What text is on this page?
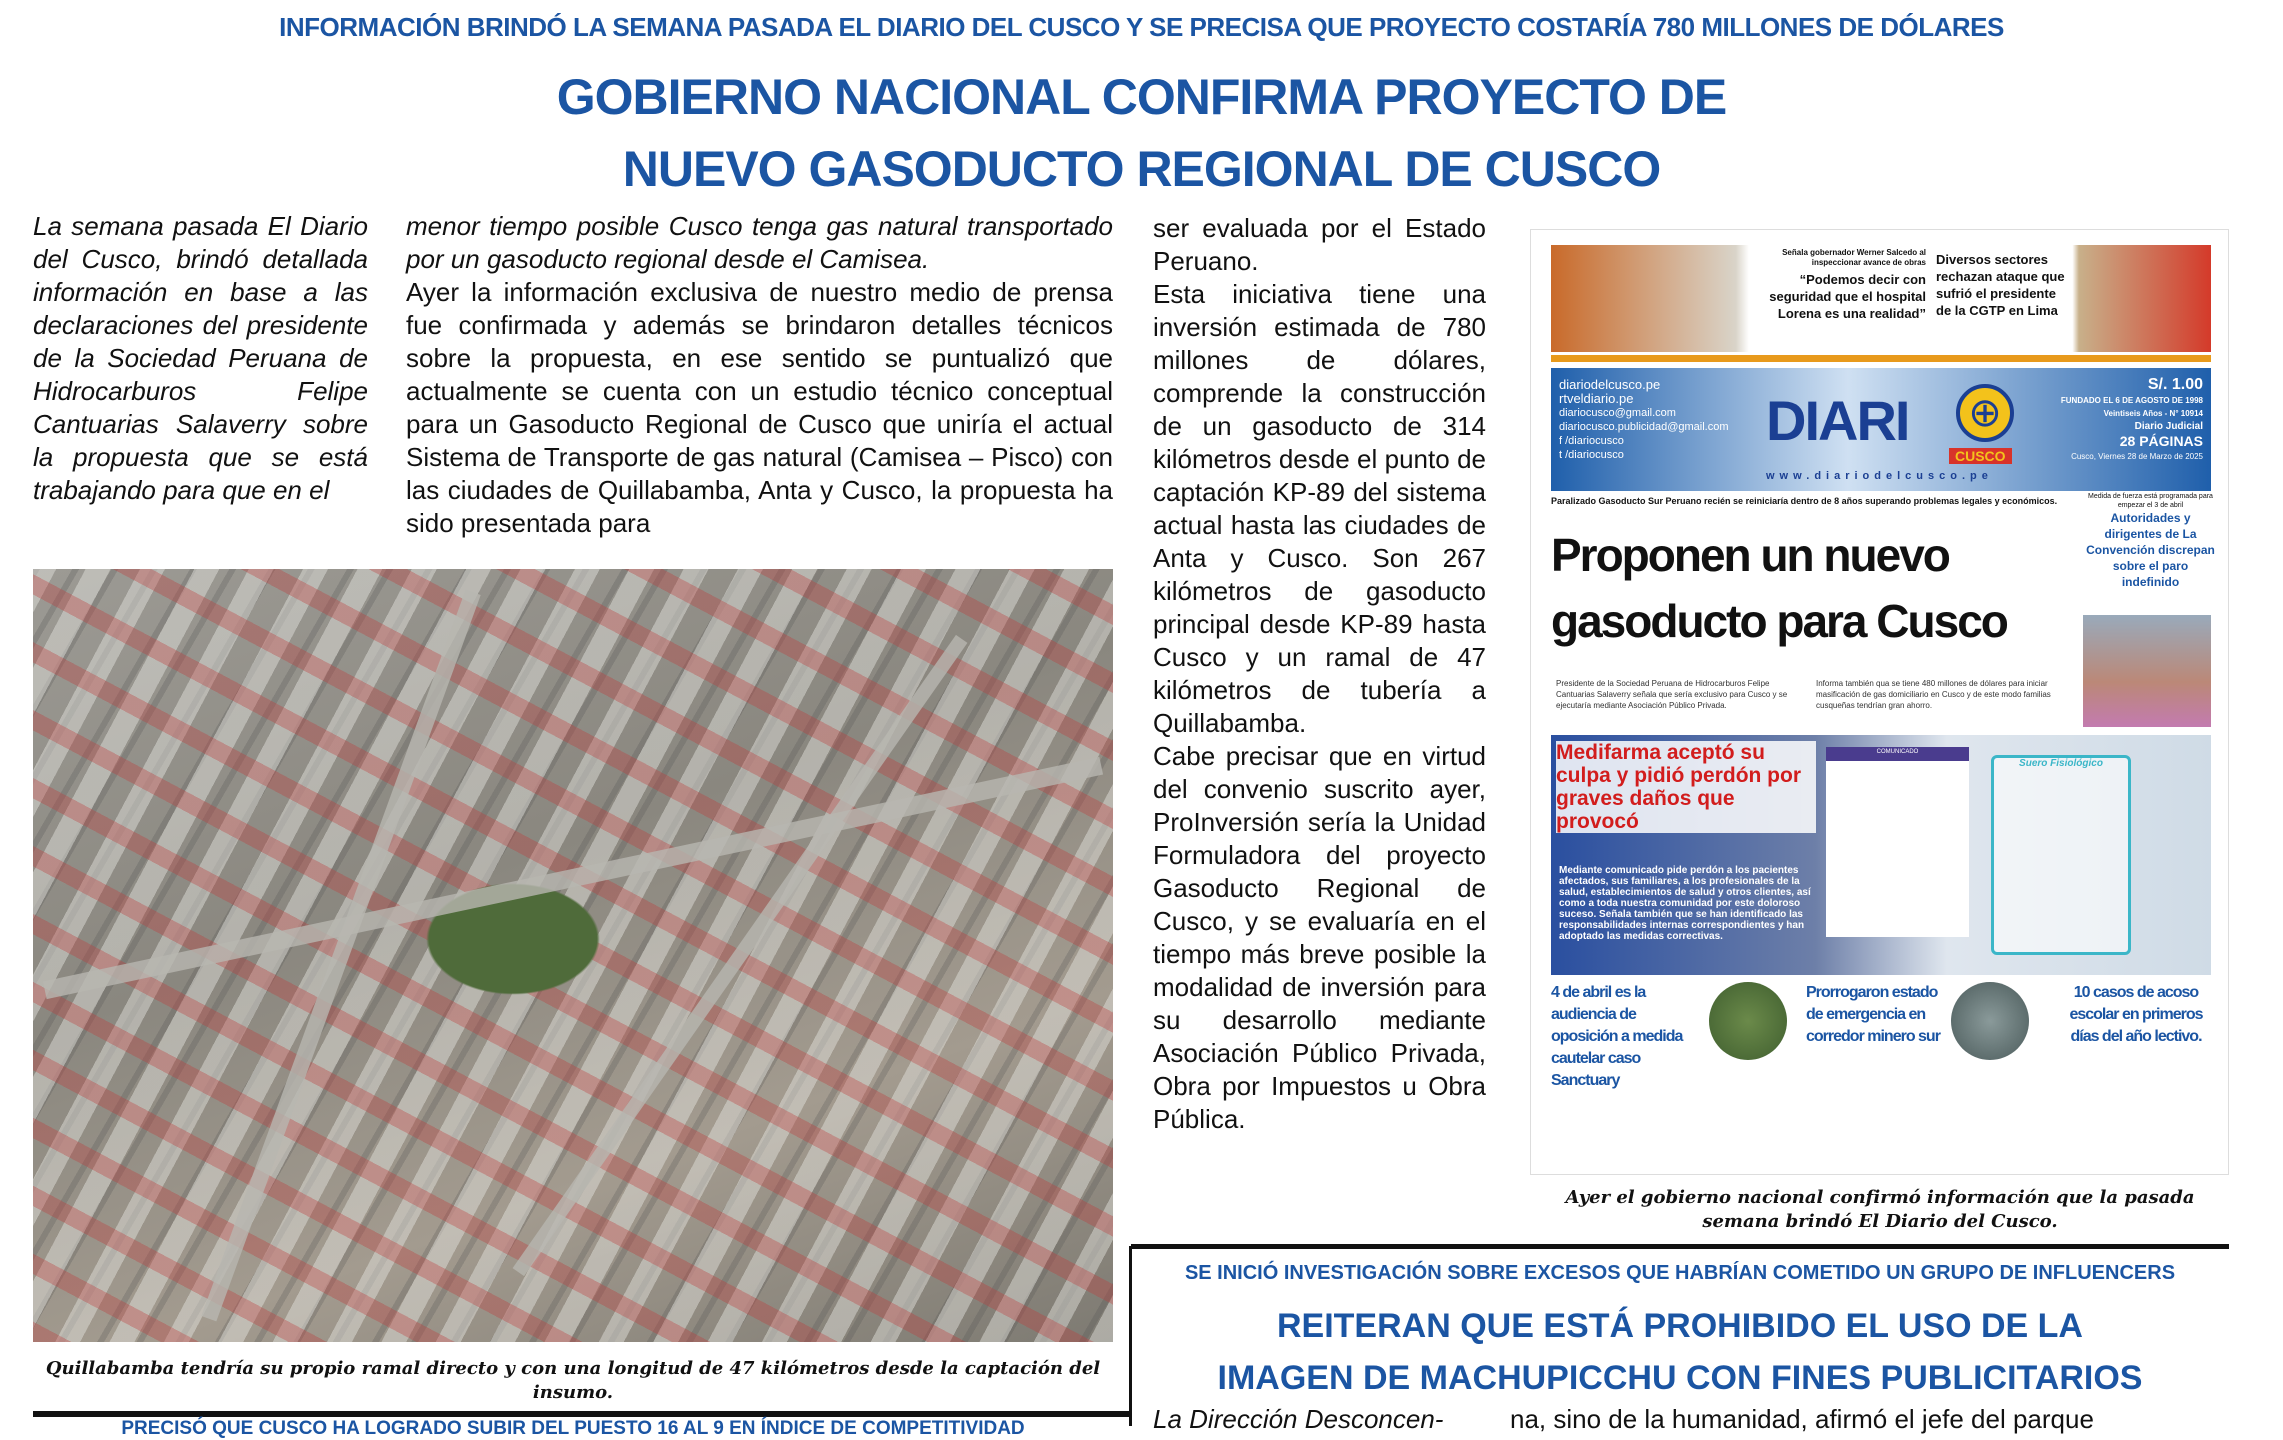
INFORMACIÓN BRINDÓ LA SEMANA PASADA EL DIARIO DEL CUSCO Y SE PRECISA QUE PROYECTO COSTARÍA 780 MILLONES DE DÓLARES
GOBIERNO NACIONAL CONFIRMA PROYECTO DE
NUEVO GASODUCTO REGIONAL DE CUSCO
La semana pasada El Diario del Cusco, brindó detallada información en base a las declaraciones del presidente de la Sociedad Peruana de Hidrocarburos Felipe Cantuarias Salaverry sobre la propuesta que se está trabajando para que en el

menor tiempo posible Cusco tenga gas natural transportado por un gasoducto regional desde el Camisea.

Ayer la información exclusiva de nuestro medio de prensa fue confirmada y además se brindaron detalles técnicos sobre la propuesta, en ese sentido se puntualizó que actualmente se cuenta con un estudio técnico conceptual para un Gasoducto Regional de Cusco que uniría el actual Sistema de Transporte de gas natural (Camisea – Pisco) con las ciudades de Quillabamba, Anta y Cusco, la propuesta ha sido presentada para

ser evaluada por el Estado Peruano.

Esta iniciativa tiene una inversión estimada de 780 millones de dólares, comprende la construcción de un gasoducto de 314 kilómetros desde el punto de captación KP-89 del sistema actual hasta las ciudades de Anta y Cusco. Son 267 kilómetros de gasoducto principal desde KP-89 hasta Cusco y un ramal de 47 kilómetros de tubería a Quillabamba.

Cabe precisar que en virtud del convenio suscrito ayer, ProInversión sería la Unidad Formuladora del proyecto Gasoducto Regional de Cusco, y se evaluaría en el tiempo más breve posible la modalidad de inversión para su desarrollo mediante Asociación Público Privada, Obra por Impuestos u Obra Pública.

Quillabamba tendría su propio ramal directo y con una longitud de 47 kilómetros desde la captación del insumo.
PRECISÓ QUE CUSCO HA LOGRADO SUBIR DEL PUESTO 16 AL 9 EN ÍNDICE DE COMPETITIVIDAD
Señala gobernador Werner Salcedo al inspeccionar avance de obras
“Podemos decir con seguridad que el hospital Lorena es una realidad”
Diversos sectores rechazan ataque que sufrió el presidente de la CGTP en Lima
diariodelcusco.pe
rtveldiario.pe
diariocusco@gmail.com
diariocusco.publicidad@gmail.com
f /diariocusco
t /diariocusco
DIARI	⊕
CUSCO
www.diariodelcusco.pe
S/. 1.00
FUNDADO EL 6 DE AGOSTO DE 1998
Veintiseis Años - N° 10914
Diario Judicial
28 PÁGINAS
Cusco, Viernes 28 de Marzo de 2025
Paralizado Gasoducto Sur Peruano recién se reiniciaría dentro de 8 años superando problemas legales y económicos.
Proponen un nuevo gasoducto para Cusco
Presidente de la Sociedad Peruana de Hidrocarburos Felipe Cantuarias Salaverry señala que sería exclusivo para Cusco y se ejecutaría mediante Asociación Público Privada.
Informa también qua se tiene 480 millones de dólares para iniciar masificación de gas domiciliario en Cusco y de este modo familias cusqueñas tendrían gran ahorro.
Medida de fuerza está programada para empezar el 3 de abril
Autoridades y dirigentes de La Convención discrepan sobre el paro indefinido
Medifarma aceptó su culpa y pidió perdón por graves daños que provocó
Mediante comunicado pide perdón a los pacientes afectados, sus familiares, a los profesionales de la salud, establecimientos de salud y otros clientes, así como a toda nuestra comunidad por este doloroso suceso. Señala también que se han identificado las responsabilidades internas correspondientes y han adoptado las medidas correctivas.
COMUNICADO
Suero Fisiológico
4 de abril es la audiencia de oposición a medida cautelar caso Sanctuary
Prorrogaron estado de emergencia en corredor minero sur
10 casos de acoso escolar en primeros días del año lectivo.
Ayer el gobierno nacional confirmó información que la pasada semana brindó El Diario del Cusco.
SE INICIÓ INVESTIGACIÓN SOBRE EXCESOS QUE HABRÍAN COMETIDO UN GRUPO DE INFLUENCERS
REITERAN QUE ESTÁ PROHIBIDO EL USO DE LA
IMAGEN DE MACHUPICCHU CON FINES PUBLICITARIOS
La Dirección Desconcen-	na, sino de la humanidad, afirmó el jefe del parque
